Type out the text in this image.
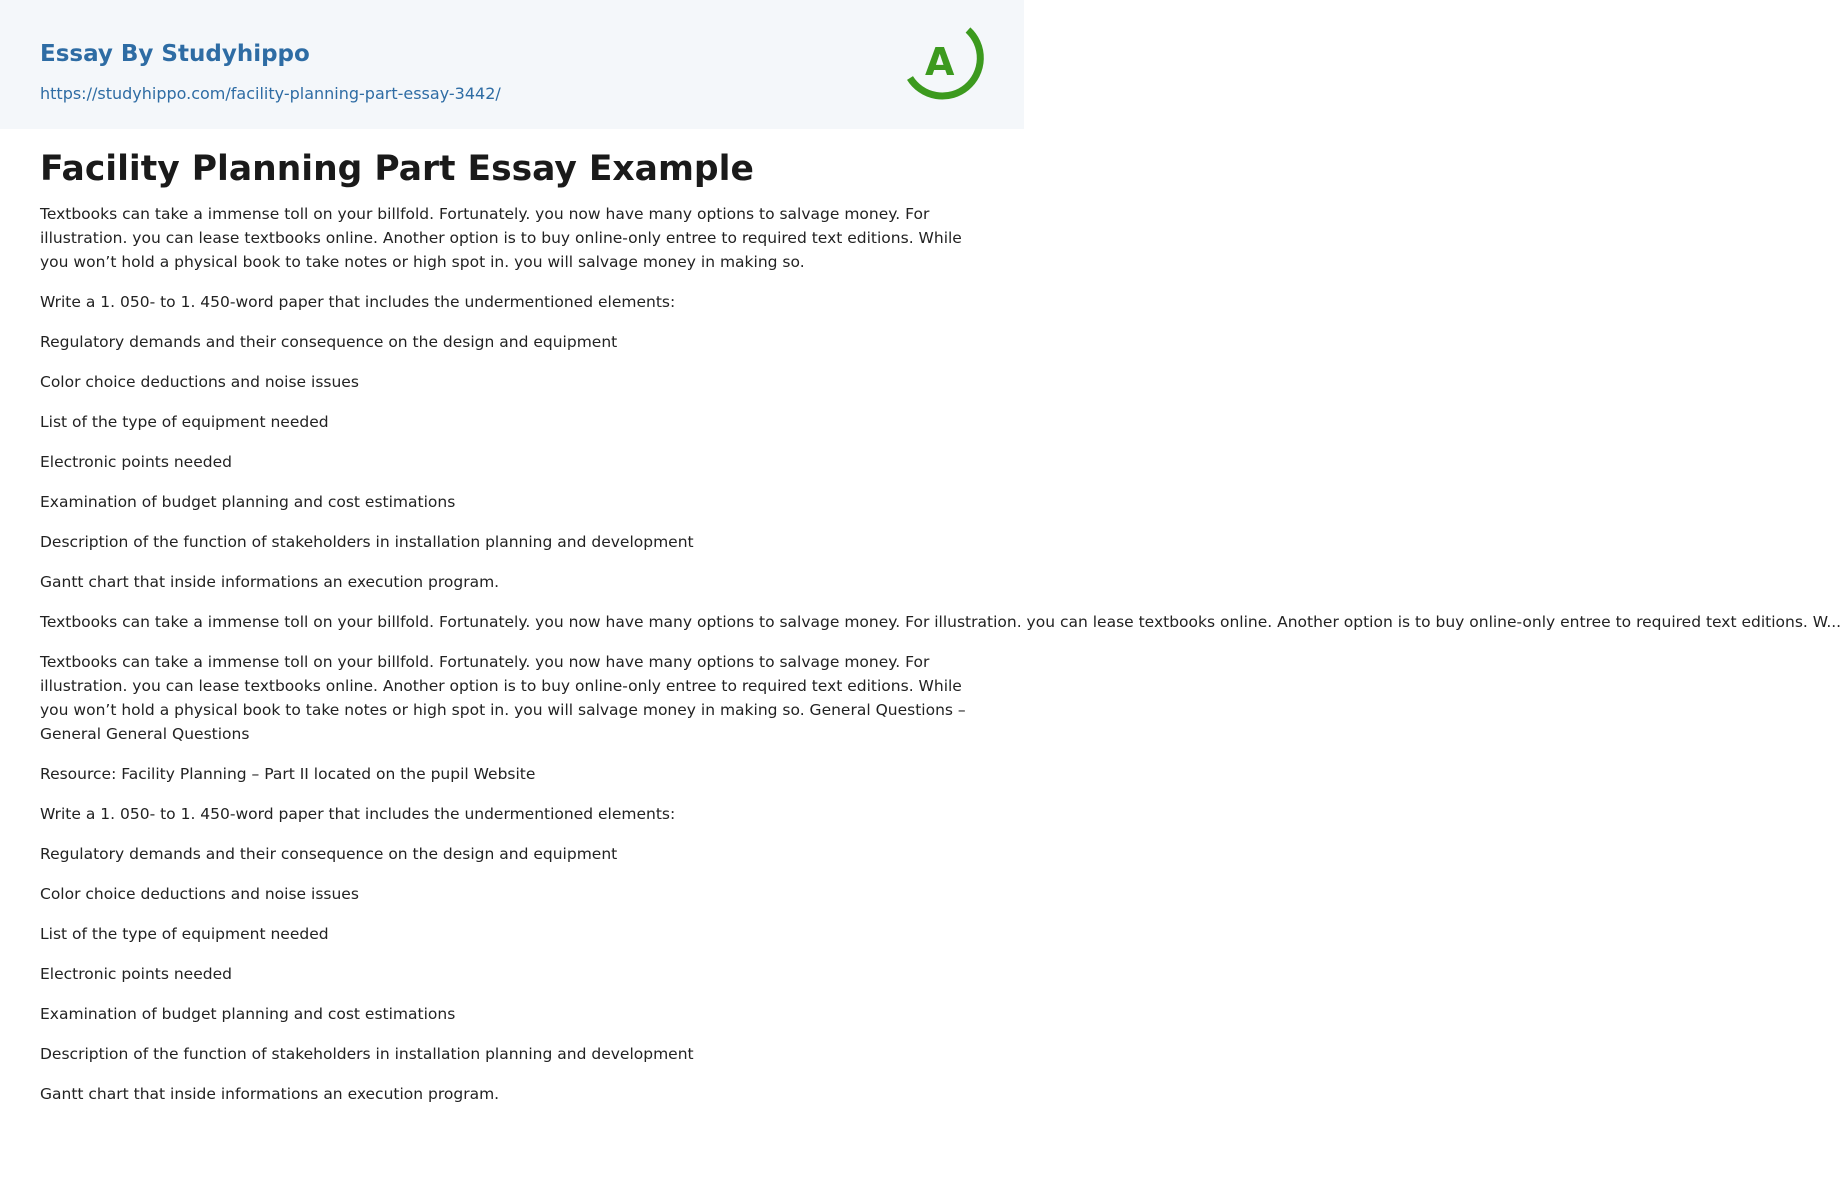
Essay By Studyhippo
https://studyhippo.com/facility-planning-part-essay-3442/
A
Facility Planning Part Essay Example

Textbooks can take a immense toll on your billfold. Fortunately. you now have many options to salvage money. For illustration. you can lease textbooks online. Another option is to buy online-only entree to required text editions. While you won’t hold a physical book to take notes or high spot in. you will salvage money in making so.

Write a 1. 050- to 1. 450-word paper that includes the undermentioned elements:

Regulatory demands and their consequence on the design and equipment

Color choice deductions and noise issues

List of the type of equipment needed

Electronic points needed

Examination of budget planning and cost estimations

Description of the function of stakeholders in installation planning and development

Gantt chart that inside informations an execution program.

Textbooks can take a immense toll on your billfold. Fortunately. you now have many options to salvage money. For illustration. you can lease textbooks online. Another option is to buy online-only entree to required text editions. W...

Textbooks can take a immense toll on your billfold. Fortunately. you now have many options to salvage money. For illustration. you can lease textbooks online. Another option is to buy online-only entree to required text editions. While you won’t hold a physical book to take notes or high spot in. you will salvage money in making so. General Questions – General General Questions

Resource: Facility Planning – Part II located on the pupil Website

Write a 1. 050- to 1. 450-word paper that includes the undermentioned elements:

Regulatory demands and their consequence on the design and equipment

Color choice deductions and noise issues

List of the type of equipment needed

Electronic points needed

Examination of budget planning and cost estimations

Description of the function of stakeholders in installation planning and development

Gantt chart that inside informations an execution program.
